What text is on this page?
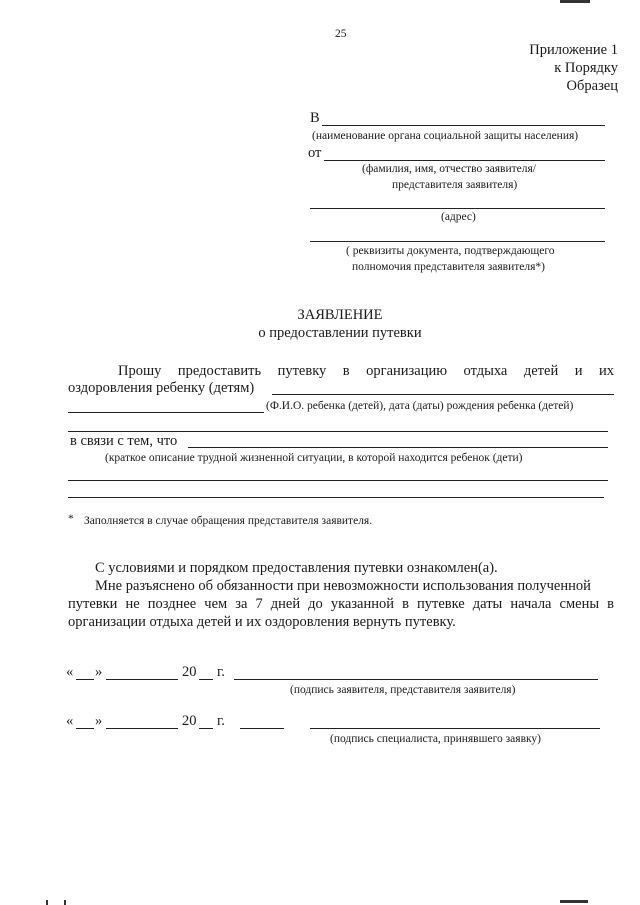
25
Приложение 1
к Порядку
Образец
В
(наименование органа социальной защиты населения)
от
(фамилия, имя, отчество заявителя/
представителя заявителя)
(адрес)
( реквизиты документа, подтверждающего
полномочия представителя заявителя*)
ЗАЯВЛЕНИЕ
о предоставлении путевки
Прошу предоставить путевку в организацию отдыха детей и их
оздоровления ребенку (детям)
(Ф.И.О. ребенка (детей), дата (даты) рождения ребенка (детей)
в связи с тем, что
(краткое описание трудной жизненной ситуации, в которой находится ребенок (дети)
* Заполняется в случае обращения представителя заявителя.
С условиями и порядком предоставления путевки ознакомлен(а).
Мне разъяснено об обязанности при невозможности использования полученной
путевки не позднее чем за 7 дней до указанной в путевке даты начала смены в
организации отдыха детей и их оздоровления вернуть путевку.
« »	20 г.
(подпись заявителя, представителя заявителя)
« »	20 г.
(подпись специалиста, принявшего заявку)
